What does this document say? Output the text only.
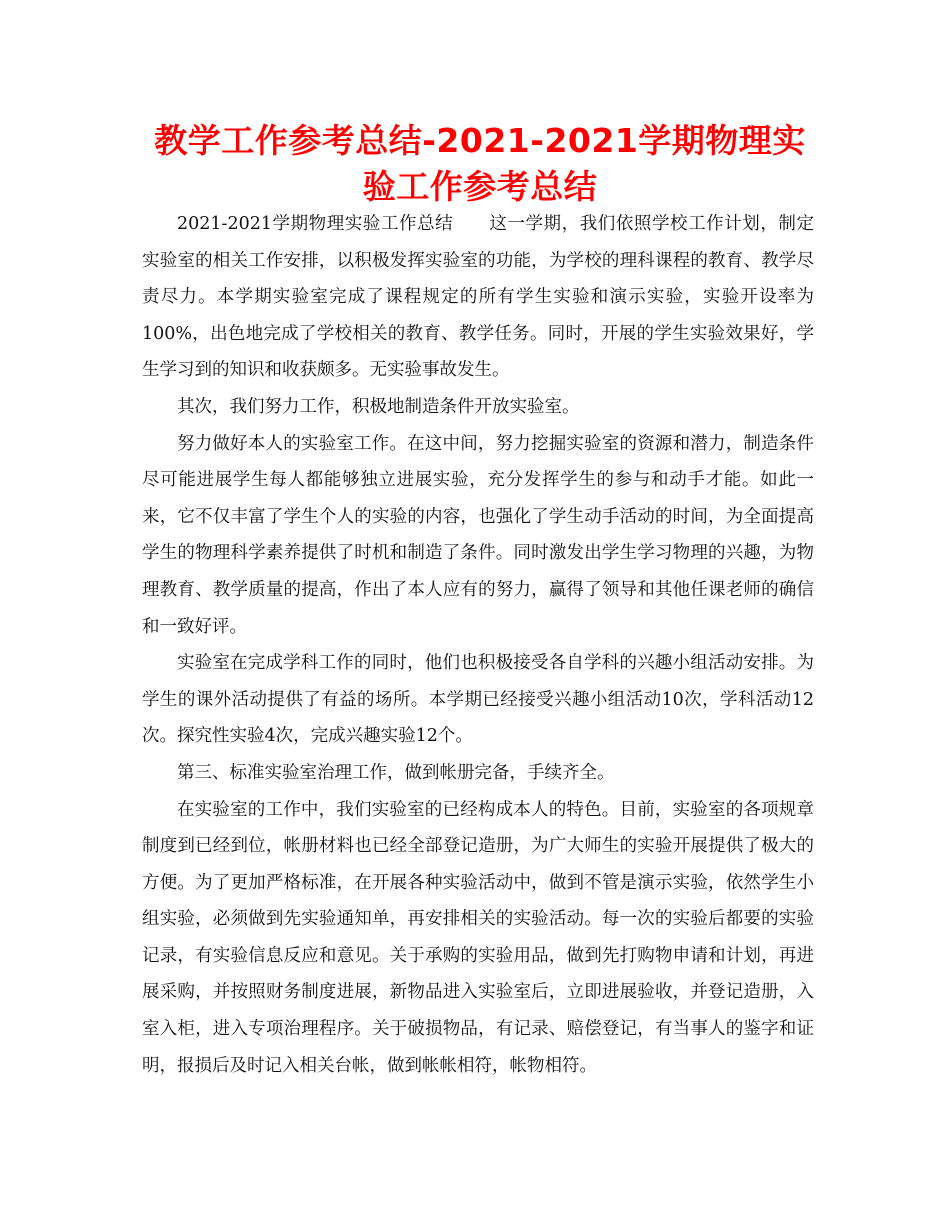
教学工作参考总结-2021-2021学期物理实验工作参考总结

2021-2021学期物理实验工作总结　　这一学期，我们依照学校工作计划，制定实验室的相关工作安排，以积极发挥实验室的功能，为学校的理科课程的教育、教学尽责尽力。本学期实验室完成了课程规定的所有学生实验和演示实验，实验开设率为100%，出色地完成了学校相关的教育、教学任务。同时，开展的学生实验效果好，学生学习到的知识和收获颇多。无实验事故发生。

其次，我们努力工作，积极地制造条件开放实验室。

努力做好本人的实验室工作。在这中间，努力挖掘实验室的资源和潜力，制造条件尽可能进展学生每人都能够独立进展实验，充分发挥学生的参与和动手才能。如此一来，它不仅丰富了学生个人的实验的内容，也强化了学生动手活动的时间，为全面提高学生的物理科学素养提供了时机和制造了条件。同时激发出学生学习物理的兴趣，为物理教育、教学质量的提高，作出了本人应有的努力，赢得了领导和其他任课老师的确信和一致好评。

实验室在完成学科工作的同时，他们也积极接受各自学科的兴趣小组活动安排。为学生的课外活动提供了有益的场所。本学期已经接受兴趣小组活动10次，学科活动12次。探究性实验4次，完成兴趣实验12个。

第三、标准实验室治理工作，做到帐册完备，手续齐全。

在实验室的工作中，我们实验室的已经构成本人的特色。目前，实验室的各项规章制度到已经到位，帐册材料也已经全部登记造册，为广大师生的实验开展提供了极大的方便。为了更加严格标准，在开展各种实验活动中，做到不管是演示实验，依然学生小组实验，必须做到先实验通知单，再安排相关的实验活动。每一次的实验后都要的实验记录，有实验信息反应和意见。关于承购的实验用品，做到先打购物申请和计划，再进展采购，并按照财务制度进展，新物品进入实验室后，立即进展验收，并登记造册，入室入柜，进入专项治理程序。关于破损物品，有记录、赔偿登记，有当事人的鉴字和证明，报损后及时记入相关台帐，做到帐帐相符，帐物相符。
